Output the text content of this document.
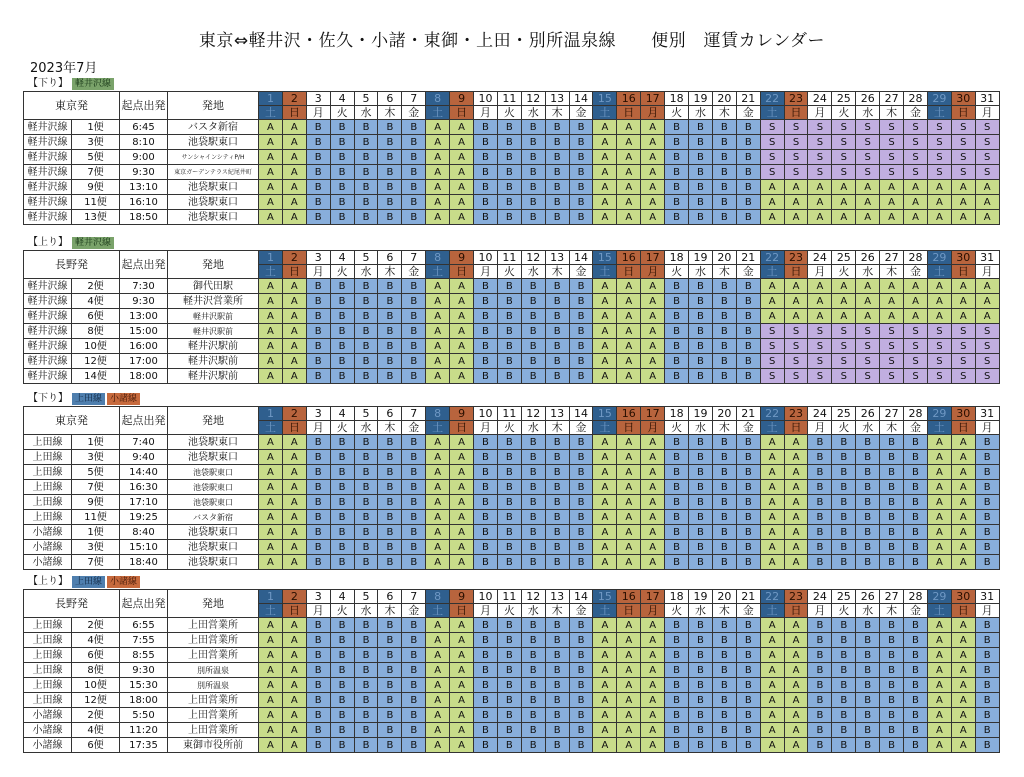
東京⇔軽井沢・佐久・小諸・東御・上田・別所温泉線　　便別　運賃カレンダー
2023年7月
【下り】 軽井沢線
東京発		起点出発	発地	1	2	3	4	5	6	7	8	9	10	11	12	13	14	15	16	17	18	19	20	21	22	23	24	25	26	27	28	29	30	31
				土	日	月	火	水	木	金	土	日	月	火	水	木	金	土	日	月	火	水	木	金	土	日	月	火	水	木	金	土	日	月
軽井沢線	1便	6:45	バスタ新宿	A	A	B	B	B	B	B	A	A	B	B	B	B	B	A	A	A	B	B	B	B	S	S	S	S	S	S	S	S	S	S
軽井沢線	3便	8:10	池袋駅東口	A	A	B	B	B	B	B	A	A	B	B	B	B	B	A	A	A	B	B	B	B	S	S	S	S	S	S	S	S	S	S
軽井沢線	5便	9:00	サンシャインシティP/H	A	A	B	B	B	B	B	A	A	B	B	B	B	B	A	A	A	B	B	B	B	S	S	S	S	S	S	S	S	S	S
軽井沢線	7便	9:30	東京ガーデンテラス紀尾井町	A	A	B	B	B	B	B	A	A	B	B	B	B	B	A	A	A	B	B	B	B	S	S	S	S	S	S	S	S	S	S
軽井沢線	9便	13:10	池袋駅東口	A	A	B	B	B	B	B	A	A	B	B	B	B	B	A	A	A	B	B	B	B	A	A	A	A	A	A	A	A	A	A
軽井沢線	11便	16:10	池袋駅東口	A	A	B	B	B	B	B	A	A	B	B	B	B	B	A	A	A	B	B	B	B	A	A	A	A	A	A	A	A	A	A
軽井沢線	13便	18:50	池袋駅東口	A	A	B	B	B	B	B	A	A	B	B	B	B	B	A	A	A	B	B	B	B	A	A	A	A	A	A	A	A	A	A
【上り】 軽井沢線
長野発		起点出発	発地	1	2	3	4	5	6	7	8	9	10	11	12	13	14	15	16	17	18	19	20	21	22	23	24	25	26	27	28	29	30	31
				土	日	月	火	水	木	金	土	日	月	火	水	木	金	土	日	月	火	水	木	金	土	日	月	火	水	木	金	土	日	月
軽井沢線	2便	7:30	御代田駅	A	A	B	B	B	B	B	A	A	B	B	B	B	B	A	A	A	B	B	B	B	A	A	A	A	A	A	A	A	A	A
軽井沢線	4便	9:30	軽井沢営業所	A	A	B	B	B	B	B	A	A	B	B	B	B	B	A	A	A	B	B	B	B	A	A	A	A	A	A	A	A	A	A
軽井沢線	6便	13:00	軽井沢駅前	A	A	B	B	B	B	B	A	A	B	B	B	B	B	A	A	A	B	B	B	B	A	A	A	A	A	A	A	A	A	A
軽井沢線	8便	15:00	軽井沢駅前	A	A	B	B	B	B	B	A	A	B	B	B	B	B	A	A	A	B	B	B	B	S	S	S	S	S	S	S	S	S	S
軽井沢線	10便	16:00	軽井沢駅前	A	A	B	B	B	B	B	A	A	B	B	B	B	B	A	A	A	B	B	B	B	S	S	S	S	S	S	S	S	S	S
軽井沢線	12便	17:00	軽井沢駅前	A	A	B	B	B	B	B	A	A	B	B	B	B	B	A	A	A	B	B	B	B	S	S	S	S	S	S	S	S	S	S
軽井沢線	14便	18:00	軽井沢駅前	A	A	B	B	B	B	B	A	A	B	B	B	B	B	A	A	A	B	B	B	B	S	S	S	S	S	S	S	S	S	S
【下り】 上田線 小諸線
東京発		起点出発	発地	1	2	3	4	5	6	7	8	9	10	11	12	13	14	15	16	17	18	19	20	21	22	23	24	25	26	27	28	29	30	31
				土	日	月	火	水	木	金	土	日	月	火	水	木	金	土	日	月	火	水	木	金	土	日	月	火	水	木	金	土	日	月
上田線	1便	7:40	池袋駅東口	A	A	B	B	B	B	B	A	A	B	B	B	B	B	A	A	A	B	B	B	B	A	A	B	B	B	B	B	A	A	B
上田線	3便	9:40	池袋駅東口	A	A	B	B	B	B	B	A	A	B	B	B	B	B	A	A	A	B	B	B	B	A	A	B	B	B	B	B	A	A	B
上田線	5便	14:40	池袋駅東口	A	A	B	B	B	B	B	A	A	B	B	B	B	B	A	A	A	B	B	B	B	A	A	B	B	B	B	B	A	A	B
上田線	7便	16:30	池袋駅東口	A	A	B	B	B	B	B	A	A	B	B	B	B	B	A	A	A	B	B	B	B	A	A	B	B	B	B	B	A	A	B
上田線	9便	17:10	池袋駅東口	A	A	B	B	B	B	B	A	A	B	B	B	B	B	A	A	A	B	B	B	B	A	A	B	B	B	B	B	A	A	B
上田線	11便	19:25	バスタ新宿	A	A	B	B	B	B	B	A	A	B	B	B	B	B	A	A	A	B	B	B	B	A	A	B	B	B	B	B	A	A	B
小諸線	1便	8:40	池袋駅東口	A	A	B	B	B	B	B	A	A	B	B	B	B	B	A	A	A	B	B	B	B	A	A	B	B	B	B	B	A	A	B
小諸線	3便	15:10	池袋駅東口	A	A	B	B	B	B	B	A	A	B	B	B	B	B	A	A	A	B	B	B	B	A	A	B	B	B	B	B	A	A	B
小諸線	7便	18:40	池袋駅東口	A	A	B	B	B	B	B	A	A	B	B	B	B	B	A	A	A	B	B	B	B	A	A	B	B	B	B	B	A	A	B
【上り】 上田線 小諸線
長野発		起点出発	発地	1	2	3	4	5	6	7	8	9	10	11	12	13	14	15	16	17	18	19	20	21	22	23	24	25	26	27	28	29	30	31
				土	日	月	火	水	木	金	土	日	月	火	水	木	金	土	日	月	火	水	木	金	土	日	月	火	水	木	金	土	日	月
上田線	2便	6:55	上田営業所	A	A	B	B	B	B	B	A	A	B	B	B	B	B	A	A	A	B	B	B	B	A	A	B	B	B	B	B	A	A	B
上田線	4便	7:55	上田営業所	A	A	B	B	B	B	B	A	A	B	B	B	B	B	A	A	A	B	B	B	B	A	A	B	B	B	B	B	A	A	B
上田線	6便	8:55	上田営業所	A	A	B	B	B	B	B	A	A	B	B	B	B	B	A	A	A	B	B	B	B	A	A	B	B	B	B	B	A	A	B
上田線	8便	9:30	別所温泉	A	A	B	B	B	B	B	A	A	B	B	B	B	B	A	A	A	B	B	B	B	A	A	B	B	B	B	B	A	A	B
上田線	10便	15:30	別所温泉	A	A	B	B	B	B	B	A	A	B	B	B	B	B	A	A	A	B	B	B	B	A	A	B	B	B	B	B	A	A	B
上田線	12便	18:00	上田営業所	A	A	B	B	B	B	B	A	A	B	B	B	B	B	A	A	A	B	B	B	B	A	A	B	B	B	B	B	A	A	B
小諸線	2便	5:50	上田営業所	A	A	B	B	B	B	B	A	A	B	B	B	B	B	A	A	A	B	B	B	B	A	A	B	B	B	B	B	A	A	B
小諸線	4便	11:20	上田営業所	A	A	B	B	B	B	B	A	A	B	B	B	B	B	A	A	A	B	B	B	B	A	A	B	B	B	B	B	A	A	B
小諸線	6便	17:35	東御市役所前	A	A	B	B	B	B	B	A	A	B	B	B	B	B	A	A	A	B	B	B	B	A	A	B	B	B	B	B	A	A	B
